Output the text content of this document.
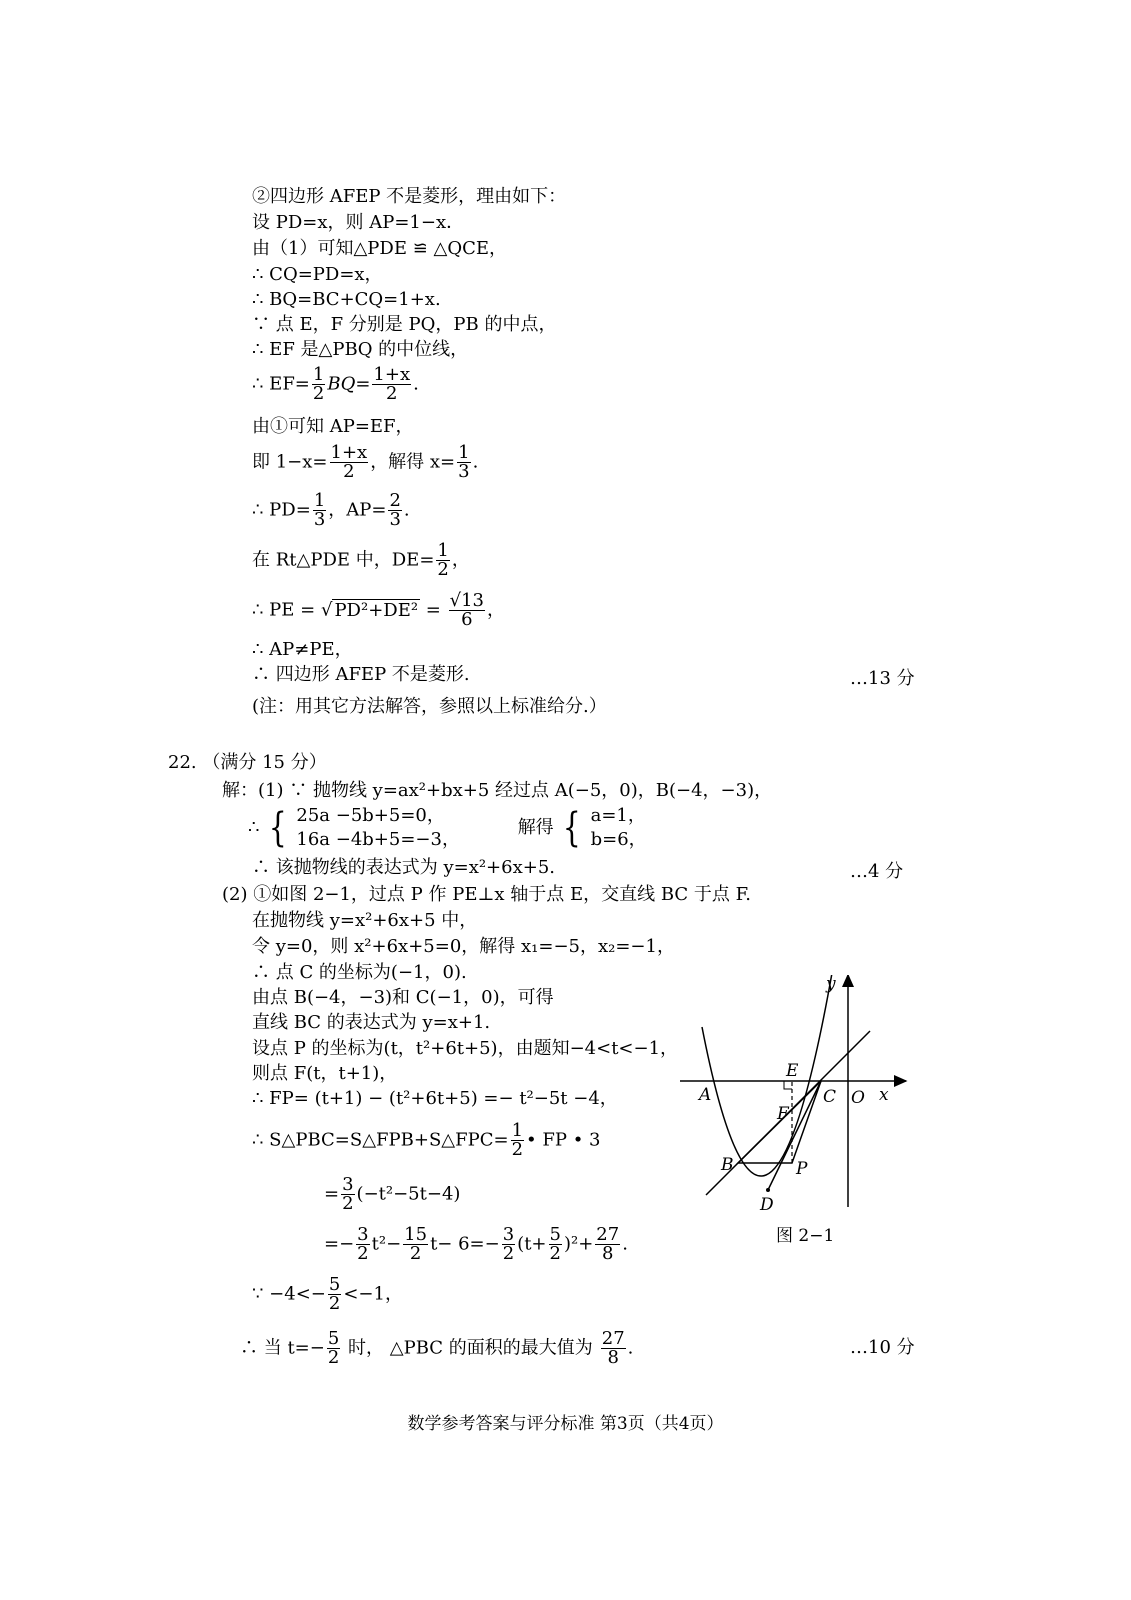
②四边形 AFEP 不是菱形，理由如下：
设 PD=x，则 AP=1−x．
由（1）可知△PDE ≌ △QCE，
∴ CQ=PD=x，
∴ BQ=BC+CQ=1+x.
∵ 点 E，F 分别是 PQ，PB 的中点，
∴ EF 是△PBQ 的中位线，
∴ $EF= \frac{1}{2} BQ= \frac{1+x}{2}$ .
由①可知 AP=EF，
即 $1-x= \frac{1+x}{2}$ ，解得 $x= \frac{1}{3}$ .
∴ $PD= \frac{1}{3}$ ，$AP= \frac{2}{3}$ .
在 Rt△PDE 中，$DE= \frac{1}{2}$ ，
∴ PE = √ $PD^2+DE^2 = \frac{√13}{6}$ ，
∴ AP≠PE，
∴ 四边形 AFEP 不是菱形.	…13 分
(注：用其它方法解答，参照以上标准给分.）
22. （满分 15 分）
解：(1) ∵ 抛物线 y=ax²+bx+5 经过点 A(−5，0)，B(−4，−3)，
∴ { 25a −5b+5=0，
16a −4b+5=−3，
解得 { a=1，
b=6，
∴ 该抛物线的表达式为 y=x²+6x+5.	…4 分
(2) ①如图 2−1，过点 P 作 PE⊥x 轴于点 E，交直线 BC 于点 F.
在抛物线 y=x²+6x+5 中，
令 y=0，则 x²+6x+5=0，解得 x₁=−5，x₂=−1，
∴ 点 C 的坐标为(−1，0).
由点 B(−4，−3)和 C(−1，0)，可得
直线 BC 的表达式为 y=x+1.
设点 P 的坐标为(t，t²+6t+5)，由题知−4<t<−1，
则点 F(t，t+1)，
∴ FP= (t+1) − (t²+6t+5) =− t²−5t −4，
∴ S△PBC=S△FPB+S△FPC= $\frac{1}{2}$ • FP • 3
= $\frac{3}{2} (-t^2-5t-4)$
=− $\frac{3}{2} t^2- \frac{15}{2} t- 6=- \frac{3}{2} (t+ \frac{5}{2} )^2+ \frac{27}{8}$ .
∵ $-4<- \frac{5}{2} <-1$，
∴ 当 $t=- \frac{5}{2}$ 时， △PBC 的面积的最大值为 $\frac{27}{8}$ .	…10 分
y
x
O
A	C
E
F
B	P
D
图 2−1
数学参考答案与评分标准 第3页（共4页）
